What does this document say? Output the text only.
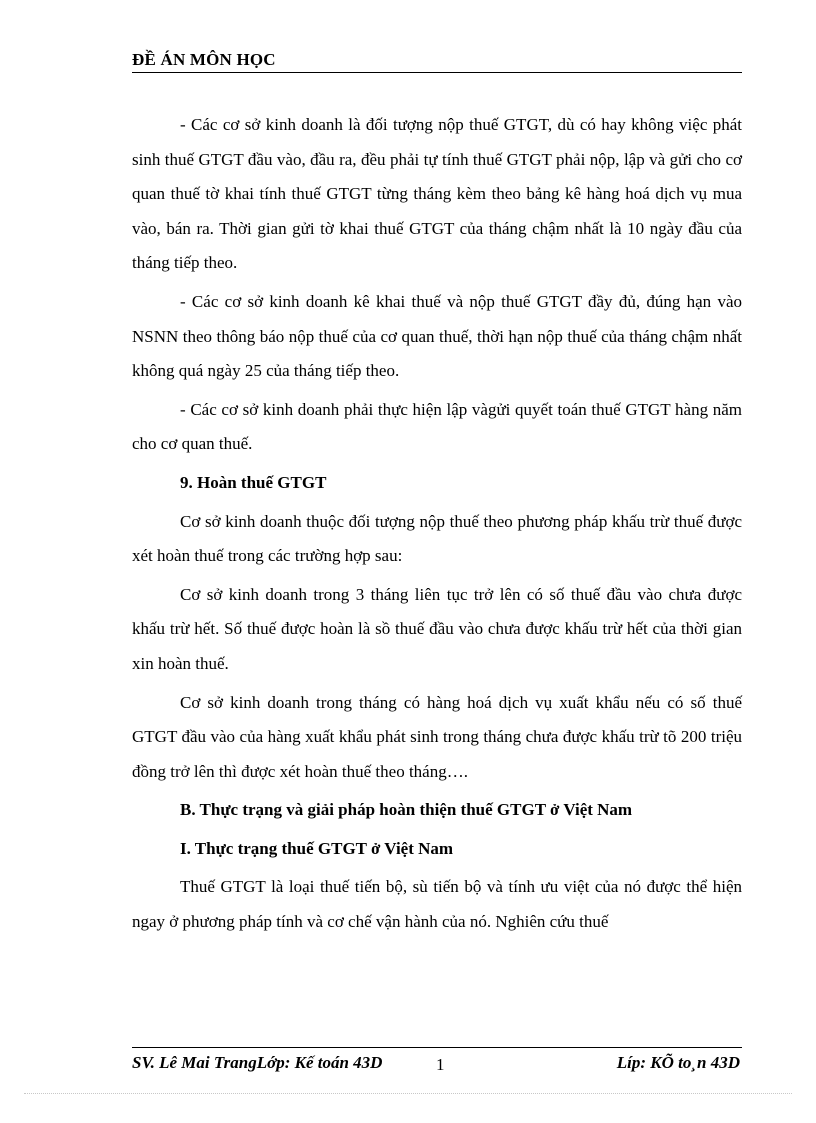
ĐỀ ÁN MÔN HỌC

- Các cơ sở kinh doanh là đối tượng nộp thuế GTGT, dù có hay không việc phát sinh thuế GTGT đầu vào, đầu ra, đều phải tự tính thuế GTGT phải nộp, lập và gửi cho cơ quan thuế tờ khai tính thuế GTGT từng tháng kèm theo bảng kê hàng hoá dịch vụ mua vào, bán ra. Thời gian gửi tờ khai thuế GTGT của tháng chậm nhất là 10 ngày đầu của tháng tiếp theo.

- Các cơ sở kinh doanh kê khai thuế và nộp thuế GTGT đầy đủ, đúng hạn vào NSNN theo thông báo nộp thuế của cơ quan thuế, thời hạn nộp thuế của tháng chậm nhất không quá ngày 25 của tháng tiếp theo.

- Các cơ sở kinh doanh phải thực hiện lập vàgửi quyết toán thuế GTGT hàng năm cho cơ quan thuế.

9. Hoàn thuế GTGT

Cơ sở kinh doanh thuộc đối tượng nộp thuế theo phương pháp khấu trừ thuế được xét hoàn thuế trong các trường hợp sau:

Cơ sở kinh doanh trong 3 tháng liên tục trở lên có số thuế đầu vào chưa được khấu trừ hết. Số thuế được hoàn là sồ thuế đầu vào chưa được khấu trừ hết của thời gian xin hoàn thuế.

Cơ sở kinh doanh trong tháng có hàng hoá dịch vụ xuất khẩu nếu có số thuế GTGT đầu vào của hàng xuất khẩu phát sinh trong tháng chưa được khấu trừ tõ 200 triệu đồng trở lên thì được xét hoàn thuế theo tháng….

B. Thực trạng và giải pháp hoàn thiện thuế GTGT ở Việt Nam

I. Thực trạng thuế GTGT ở Việt Nam

Thuế GTGT là loại thuế tiến bộ, sù tiến bộ và tính ưu việt của nó được thể hiện ngay ở phương pháp tính và cơ chế vận hành của nó. Nghiên cứu thuế

SV. Lê Mai TrangLớp: Kế toán 43D	1	Líp: KÕ to¸n 43D
